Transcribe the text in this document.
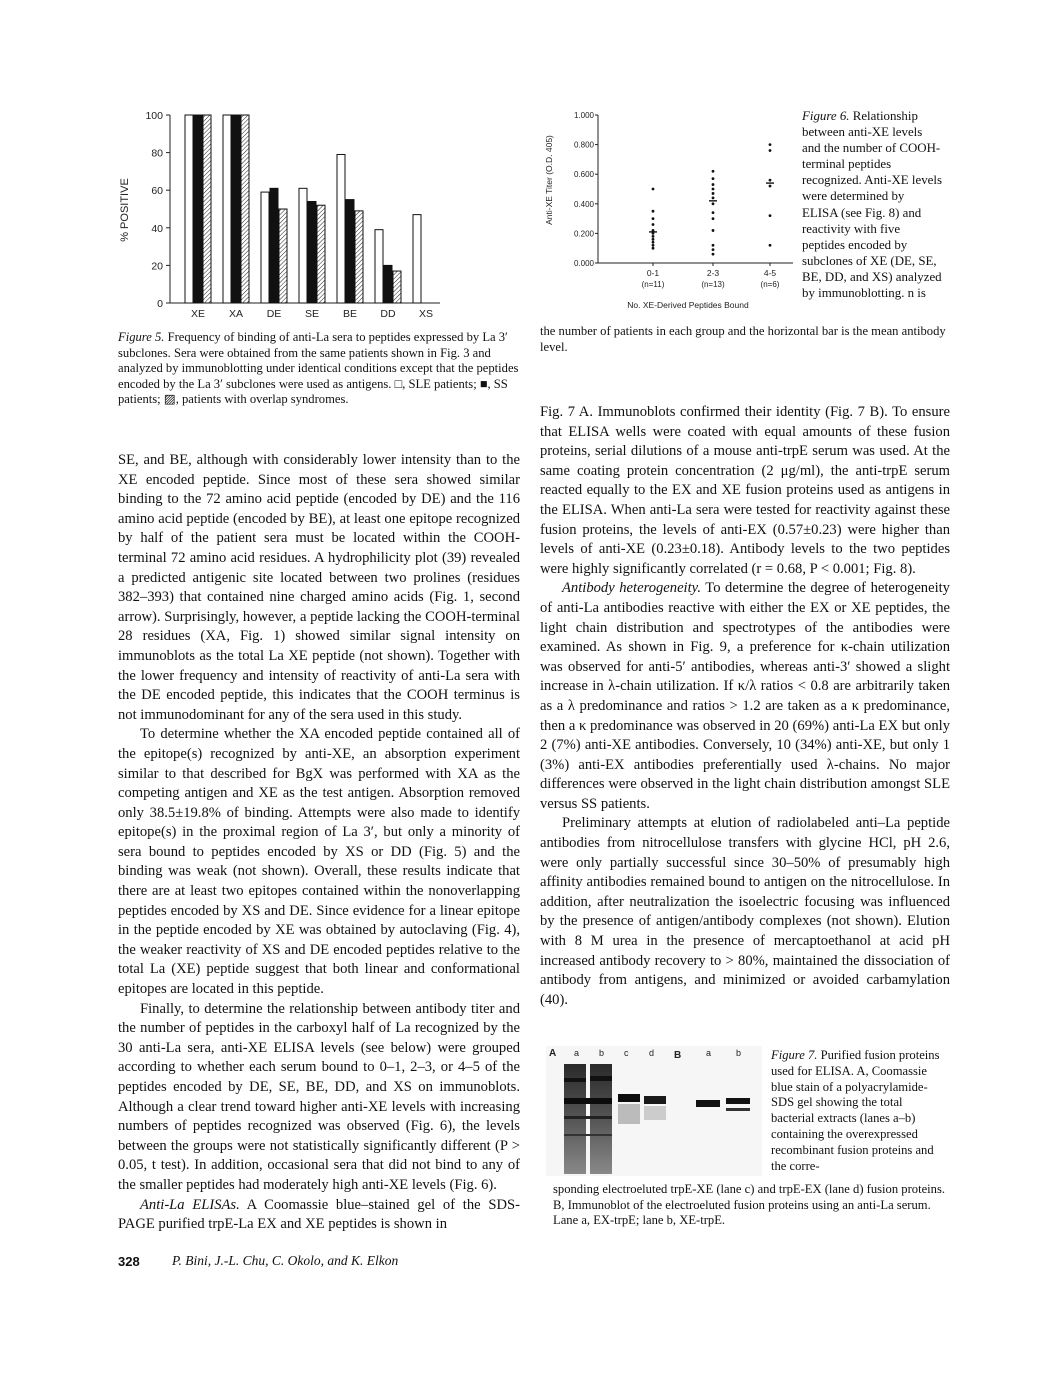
0
20
40
60
80
100
XE XA DE SE BE DD XS
% POSITIVE
Figure 5. Frequency of binding of anti-La sera to peptides expressed by La 3′ subclones. Sera were obtained from the same patients shown in Fig. 3 and analyzed by immunoblotting under identical conditions except that the peptides encoded by the La 3′ subclones were used as antigens. □, SLE patients; ■, SS patients; ▨, patients with overlap syndromes.
0.000
0.200
0.400
0.600
0.800
1.000
0-1
(n=11)
2-3
(n=13)
4-5
(n=6)
Anti-XE Titer (O.D. 405)
No. XE-Derived Peptides Bound
Figure 6. Relationship between anti-XE levels and the number of COOH-terminal peptides recognized. Anti-XE levels were determined by ELISA (see Fig. 8) and reactivity with five peptides encoded by subclones of XE (DE, SE, BE, DD, and XS) analyzed by immunoblotting. n is
the number of patients in each group and the horizontal bar is the mean antibody level.

SE, and BE, although with considerably lower intensity than to the XE encoded peptide. Since most of these sera showed similar binding to the 72 amino acid peptide (encoded by DE) and the 116 amino acid peptide (encoded by BE), at least one epitope recognized by half of the patient sera must be located within the COOH-terminal 72 amino acid residues. A hydrophilicity plot (39) revealed a predicted antigenic site located between two prolines (residues 382–393) that contained nine charged amino acids (Fig. 1, second arrow). Surprisingly, however, a peptide lacking the COOH-terminal 28 residues (XA, Fig. 1) showed similar signal intensity on immunoblots as the total La XE peptide (not shown). Together with the lower frequency and intensity of reactivity of anti-La sera with the DE encoded peptide, this indicates that the COOH terminus is not immunodominant for any of the sera used in this study.

To determine whether the XA encoded peptide contained all of the epitope(s) recognized by anti-XE, an absorption experiment similar to that described for BgX was performed with XA as the competing antigen and XE as the test antigen. Absorption removed only 38.5±19.8% of binding. Attempts were also made to identify epitope(s) in the proximal region of La 3′, but only a minority of sera bound to peptides encoded by XS or DD (Fig. 5) and the binding was weak (not shown). Overall, these results indicate that there are at least two epitopes contained within the nonoverlapping peptides encoded by XS and DE. Since evidence for a linear epitope in the peptide encoded by XE was obtained by autoclaving (Fig. 4), the weaker reactivity of XS and DE encoded peptides relative to the total La (XE) peptide suggest that both linear and conformational epitopes are located in this peptide.

Finally, to determine the relationship between antibody titer and the number of peptides in the carboxyl half of La recognized by the 30 anti-La sera, anti-XE ELISA levels (see below) were grouped according to whether each serum bound to 0–1, 2–3, or 4–5 of the peptides encoded by DE, SE, BE, DD, and XS on immunoblots. Although a clear trend toward higher anti-XE levels with increasing numbers of peptides recognized was observed (Fig. 6), the levels between the groups were not statistically significantly different (P > 0.05, t test). In addition, occasional sera that did not bind to any of the smaller peptides had moderately high anti-XE levels (Fig. 6).

Anti-La ELISAs. A Coomassie blue–stained gel of the SDS-PAGE purified trpE-La EX and XE peptides is shown in

Fig. 7 A. Immunoblots confirmed their identity (Fig. 7 B). To ensure that ELISA wells were coated with equal amounts of these fusion proteins, serial dilutions of a mouse anti-trpE serum was used. At the same coating protein concentration (2 μg/ml), the anti-trpE serum reacted equally to the EX and XE fusion proteins used as antigens in the ELISA. When anti-La sera were tested for reactivity against these fusion proteins, the levels of anti-EX (0.57±0.23) were higher than levels of anti-XE (0.23±0.18). Antibody levels to the two peptides were highly significantly correlated (r = 0.68, P < 0.001; Fig. 8).

Antibody heterogeneity. To determine the degree of heterogeneity of anti-La antibodies reactive with either the EX or XE peptides, the light chain distribution and spectrotypes of the antibodies were examined. As shown in Fig. 9, a preference for κ-chain utilization was observed for anti-5′ antibodies, whereas anti-3′ showed a slight increase in λ-chain utilization. If κ/λ ratios < 0.8 are arbitrarily taken as a λ predominance and ratios > 1.2 are taken as a κ predominance, then a κ predominance was observed in 20 (69%) anti-La EX but only 2 (7%) anti-XE antibodies. Conversely, 10 (34%) anti-XE, but only 1 (3%) anti-EX antibodies preferentially used λ-chains. No major differences were observed in the light chain distribution amongst SLE versus SS patients.

Preliminary attempts at elution of radiolabeled anti–La peptide antibodies from nitrocellulose transfers with glycine HCl, pH 2.6, were only partially successful since 30–50% of presumably high affinity antibodies remained bound to antigen on the nitrocellulose. In addition, after neutralization the isoelectric focusing was influenced by the presence of antigen/antibody complexes (not shown). Elution with 8 M urea in the presence of mercaptoethanol at acid pH increased antibody recovery to > 80%, maintained the dissociation of antibody from antigens, and minimized or avoided carbamylation (40).

A a b c d B	a	b Figure 7. Purified fusion proteins used for ELISA. A, Coomassie blue stain of a polyacrylamide-SDS gel showing the total bacterial extracts (lanes a–b) containing the overexpressed recombinant fusion proteins and the corre-
sponding electroeluted trpE-XE (lane c) and trpE-EX (lane d) fusion proteins. B, Immunoblot of the electroeluted fusion proteins using an anti-La serum. Lane a, EX-trpE; lane b, XE-trpE.
328 P. Bini, J.-L. Chu, C. Okolo, and K. Elkon
